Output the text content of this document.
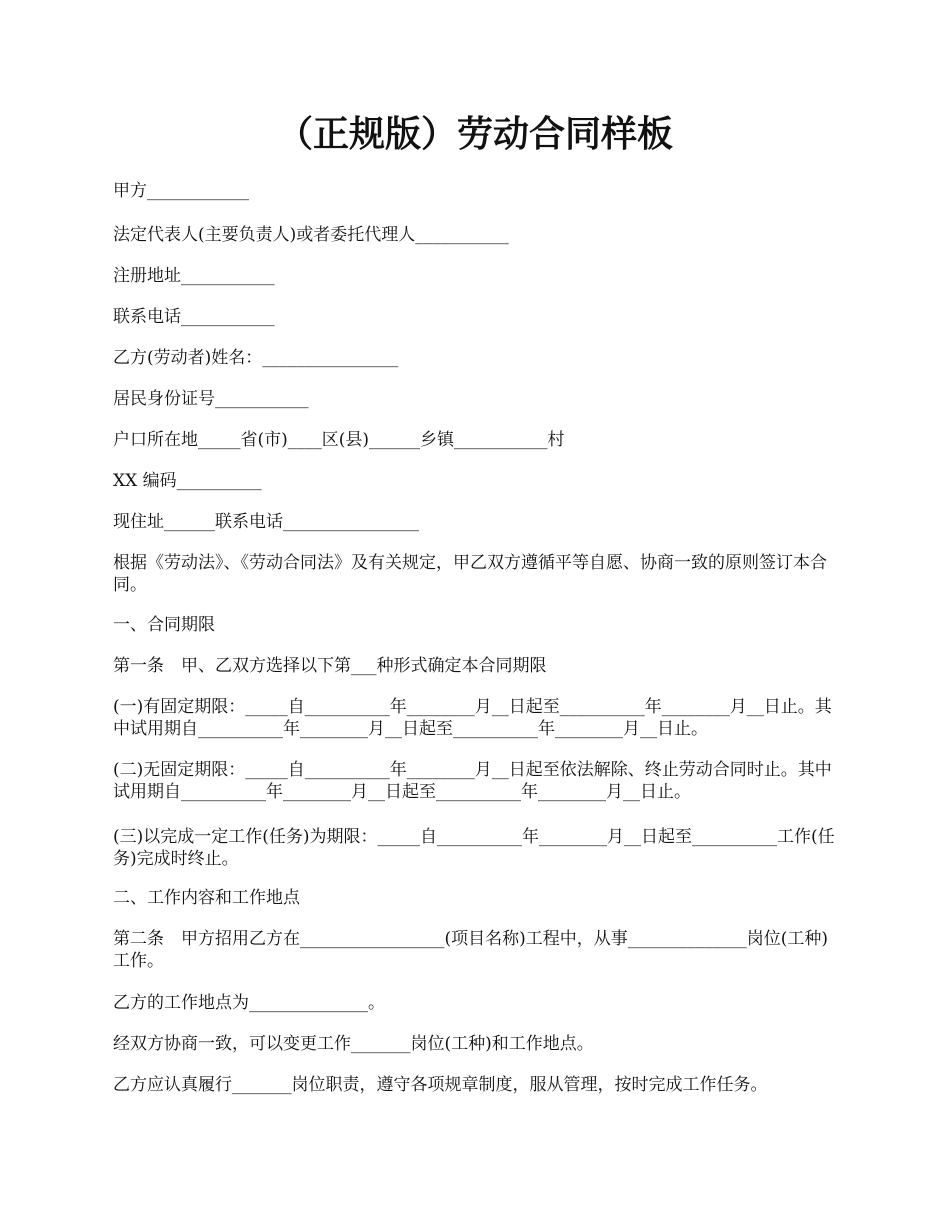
（正规版）劳动合同样板

甲方____________

法定代表人(主要负责人)或者委托代理人___________

注册地址___________

联系电话___________

乙方(劳动者)姓名：________________

居民身份证号___________

户口所在地_____省(市)____区(县)______乡镇___________村

XX 编码__________

现住址______联系电话________________

根据《劳动法》、《劳动合同法》及有关规定，甲乙双方遵循平等自愿、协商一致的原则签订本合同。

一、合同期限

第一条　甲、乙双方选择以下第___种形式确定本合同期限

(一)有固定期限：_____自__________年________月__日起至__________年________月__日止。其中试用期自__________年________月__日起至__________年________月__日止。

(二)无固定期限：_____自__________年________月__日起至依法解除、终止劳动合同时止。其中试用期自__________年________月__日起至__________年________月__日止。

(三)以完成一定工作(任务)为期限：_____自__________年________月__日起至__________工作(任务)完成时终止。

二、工作内容和工作地点

第二条　甲方招用乙方在_________________(项目名称)工程中，从事______________岗位(工种)工作。

乙方的工作地点为______________。

经双方协商一致，可以变更工作_______岗位(工种)和工作地点。

乙方应认真履行_______岗位职责，遵守各项规章制度，服从管理，按时完成工作任务。
